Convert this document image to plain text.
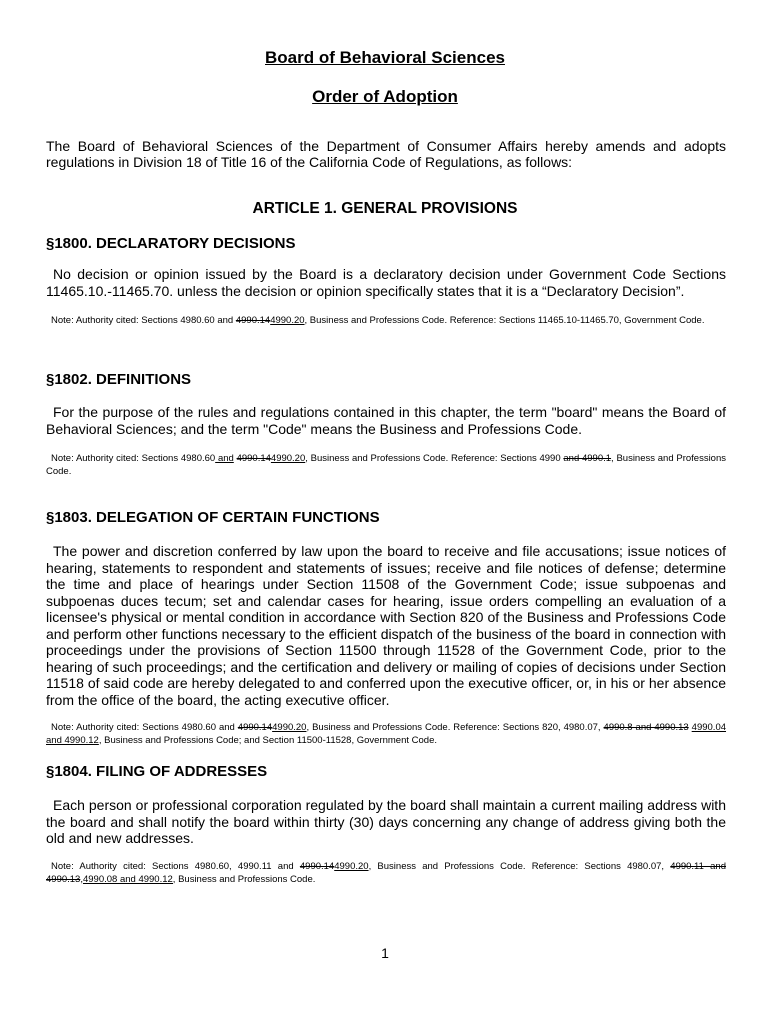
Board of Behavioral Sciences
Order of Adoption
The Board of Behavioral Sciences of the Department of Consumer Affairs hereby amends and adopts regulations in Division 18 of Title 16 of the California Code of Regulations, as follows:
ARTICLE 1. GENERAL PROVISIONS
§1800. DECLARATORY DECISIONS
No decision or opinion issued by the Board is a declaratory decision under Government Code Sections 11465.10.-11465.70. unless the decision or opinion specifically states that it is a “Declaratory Decision”.
Note: Authority cited: Sections 4980.60 and 4990.144990.20, Business and Professions Code. Reference: Sections 11465.10-11465.70, Government Code.
§1802. DEFINITIONS
For the purpose of the rules and regulations contained in this chapter, the term "board" means the Board of Behavioral Sciences; and the term "Code" means the Business and Professions Code.
Note: Authority cited: Sections 4980.60 and 4990.144990.20, Business and Professions Code. Reference: Sections 4990 and 4990.1, Business and Professions Code.
§1803. DELEGATION OF CERTAIN FUNCTIONS
The power and discretion conferred by law upon the board to receive and file accusations; issue notices of hearing, statements to respondent and statements of issues; receive and file notices of defense; determine the time and place of hearings under Section 11508 of the Government Code; issue subpoenas and subpoenas duces tecum; set and calendar cases for hearing, issue orders compelling an evaluation of a licensee's physical or mental condition in accordance with Section 820 of the Business and Professions Code and perform other functions necessary to the efficient dispatch of the business of the board in connection with proceedings under the provisions of Section 11500 through 11528 of the Government Code, prior to the hearing of such proceedings; and the certification and delivery or mailing of copies of decisions under Section 11518 of said code are hereby delegated to and conferred upon the executive officer, or, in his or her absence from the office of the board, the acting executive officer.
Note: Authority cited: Sections 4980.60 and 4990.144990.20, Business and Professions Code. Reference: Sections 820, 4980.07, 4990.8 and 4990.13 4990.04 and 4990.12, Business and Professions Code; and Section 11500-11528, Government Code.
§1804. FILING OF ADDRESSES
Each person or professional corporation regulated by the board shall maintain a current mailing address with the board and shall notify the board within thirty (30) days concerning any change of address giving both the old and new addresses.
Note: Authority cited: Sections 4980.60, 4990.11 and 4990.144990.20, Business and Professions Code. Reference: Sections 4980.07, 4990.11 and 4990.13,4990.08 and 4990.12, Business and Professions Code.
1
